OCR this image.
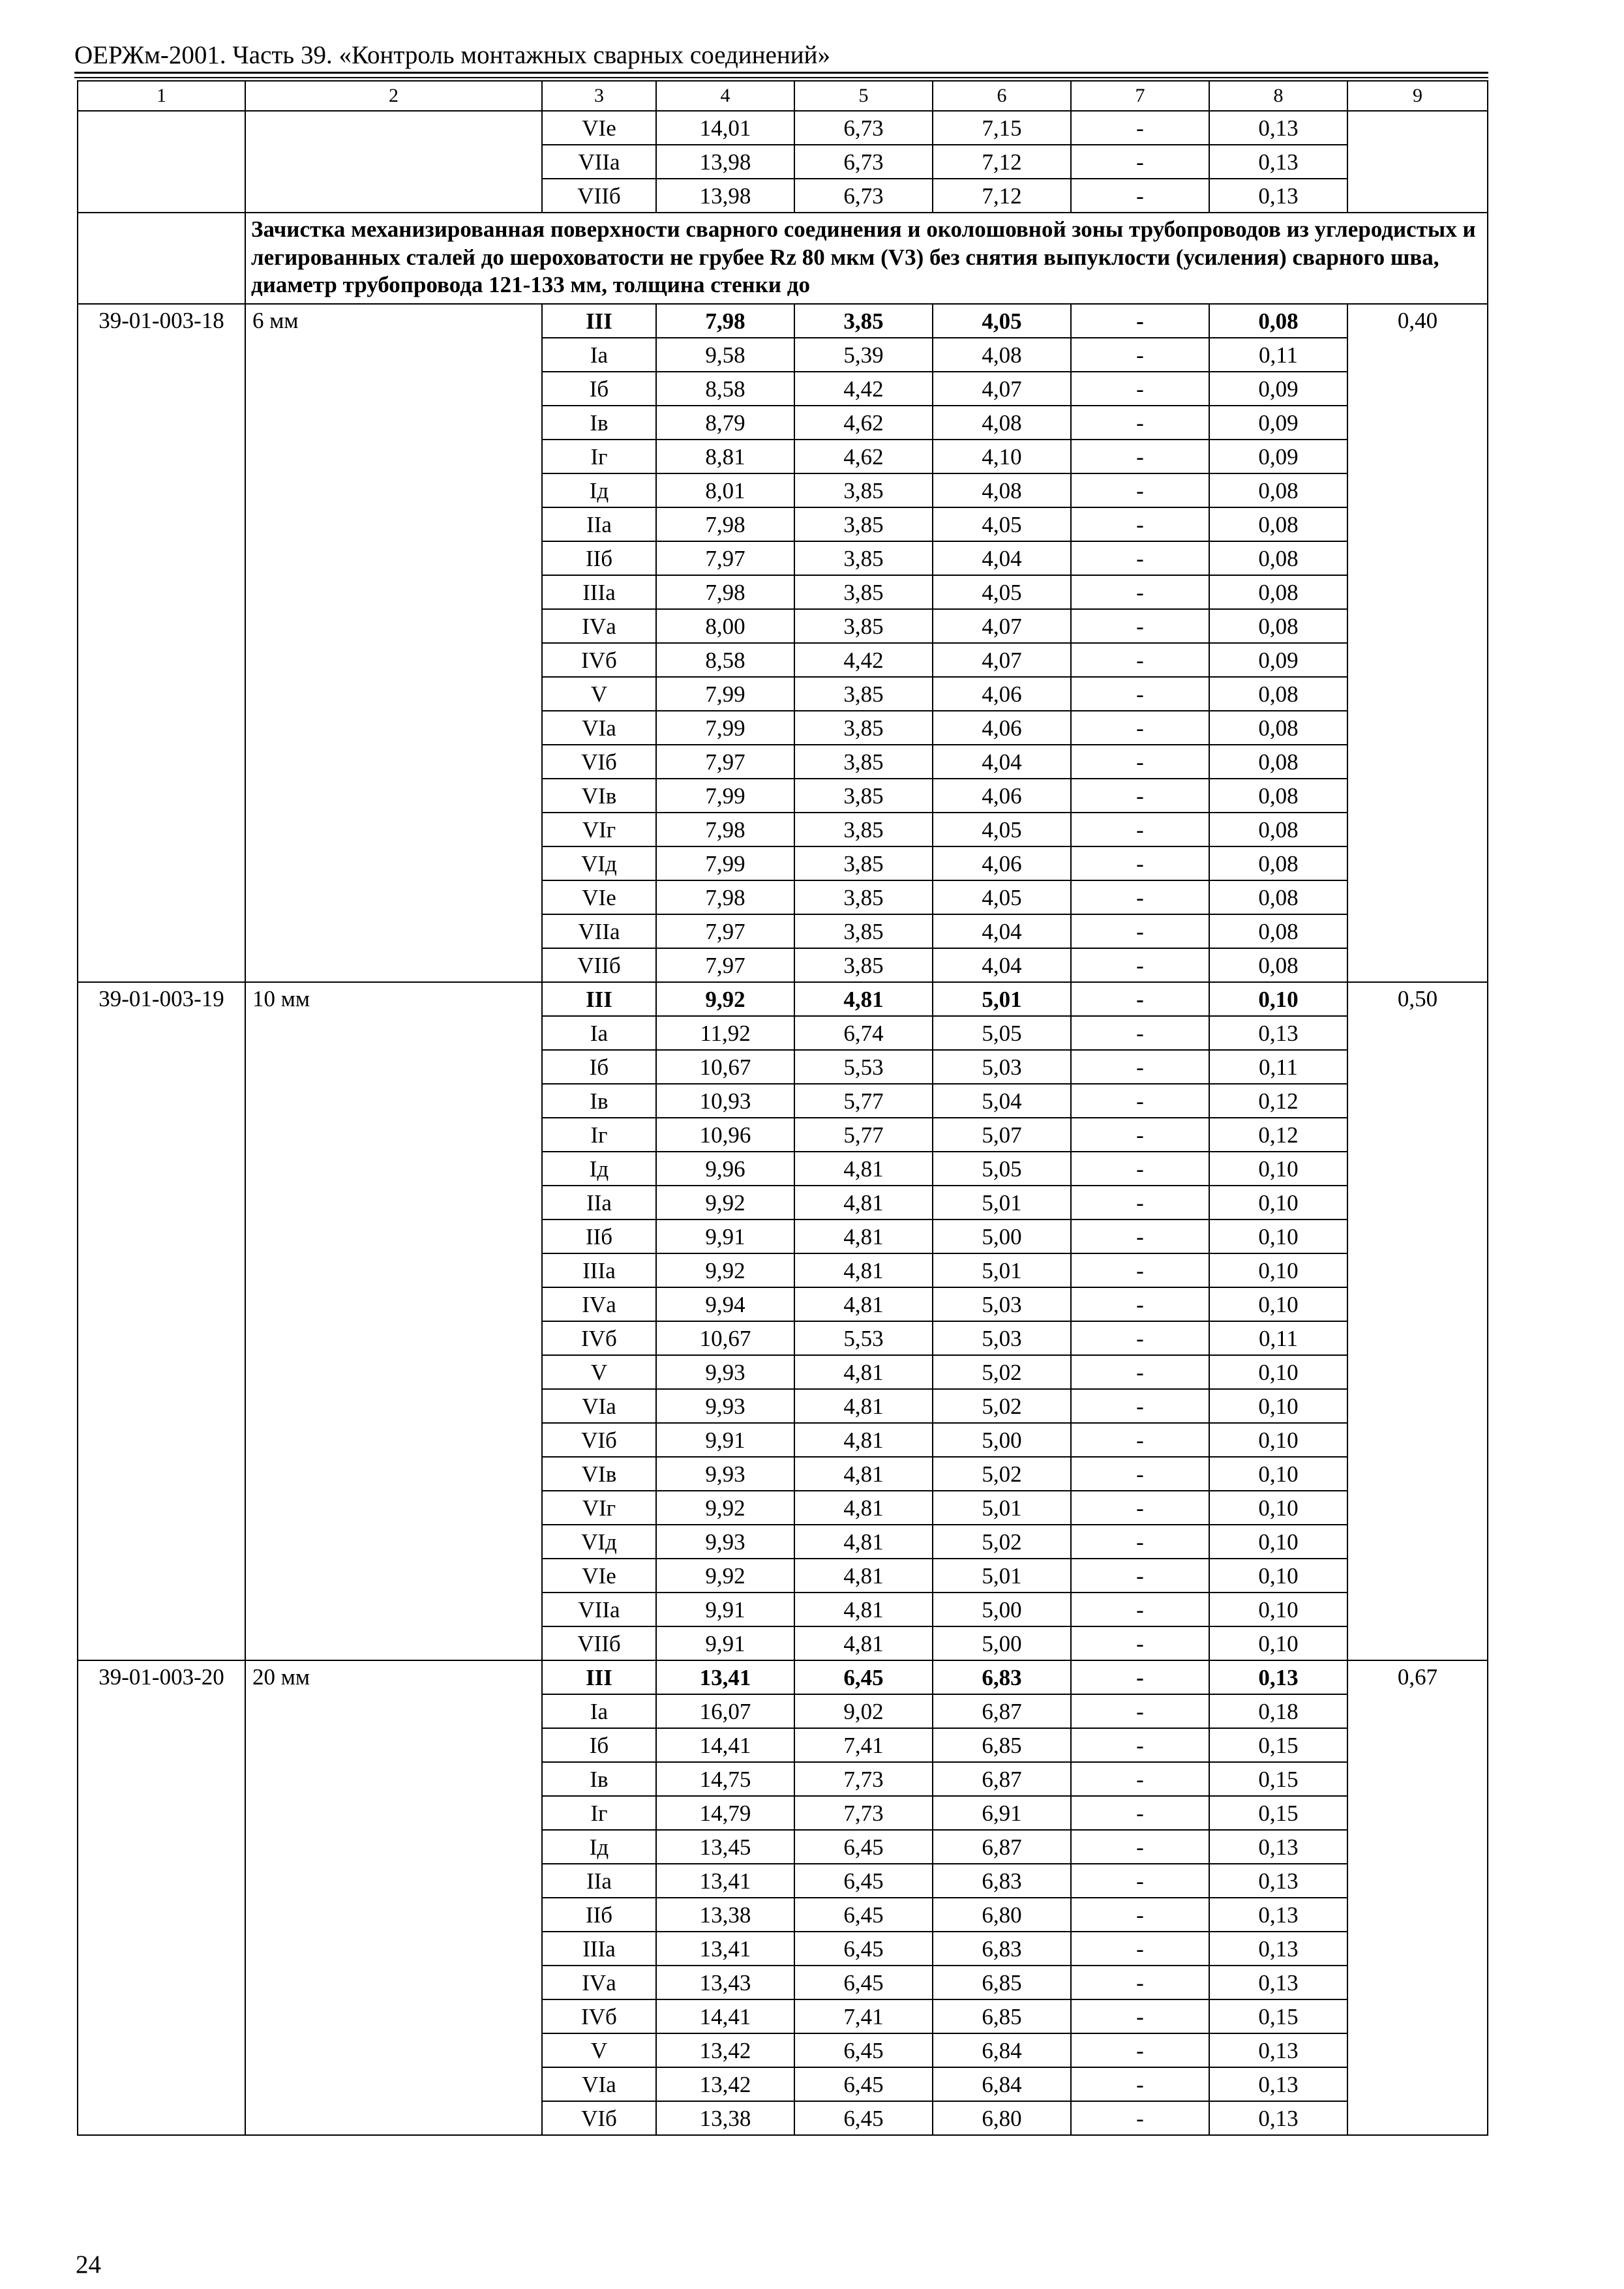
ОЕРЖм-2001. Часть 39. «Контроль монтажных сварных соединений»
1	2	3	4	5	6	7	8	9
		VIе	14,01	6,73	7,15	-	0,13	
		VIIа	13,98	6,73	7,12	-	0,13	
		VIIб	13,98	6,73	7,12	-	0,13	
	Зачистка механизированная поверхности сварного соединения и околошовной зоны трубопроводов из углеродистых и легированных сталей до шероховатости не грубее Rz 80 мкм (V3) без снятия выпуклости (усиления) сварного шва, диаметр трубопровода 121-133 мм, толщина стенки до							
39-01-003-18	6 мм	III	7,98	3,85	4,05	-	0,08	0,40
		Iа	9,58	5,39	4,08	-	0,11	
		Iб	8,58	4,42	4,07	-	0,09	
		Iв	8,79	4,62	4,08	-	0,09	
		Iг	8,81	4,62	4,10	-	0,09	
		Iд	8,01	3,85	4,08	-	0,08	
		IIа	7,98	3,85	4,05	-	0,08	
		IIб	7,97	3,85	4,04	-	0,08	
		IIIа	7,98	3,85	4,05	-	0,08	
		IVа	8,00	3,85	4,07	-	0,08	
		IVб	8,58	4,42	4,07	-	0,09	
		V	7,99	3,85	4,06	-	0,08	
		VIа	7,99	3,85	4,06	-	0,08	
		VIб	7,97	3,85	4,04	-	0,08	
		VIв	7,99	3,85	4,06	-	0,08	
		VIг	7,98	3,85	4,05	-	0,08	
		VIд	7,99	3,85	4,06	-	0,08	
		VIе	7,98	3,85	4,05	-	0,08	
		VIIа	7,97	3,85	4,04	-	0,08	
		VIIб	7,97	3,85	4,04	-	0,08	
39-01-003-19	10 мм	III	9,92	4,81	5,01	-	0,10	0,50
		Iа	11,92	6,74	5,05	-	0,13	
		Iб	10,67	5,53	5,03	-	0,11	
		Iв	10,93	5,77	5,04	-	0,12	
		Iг	10,96	5,77	5,07	-	0,12	
		Iд	9,96	4,81	5,05	-	0,10	
		IIа	9,92	4,81	5,01	-	0,10	
		IIб	9,91	4,81	5,00	-	0,10	
		IIIа	9,92	4,81	5,01	-	0,10	
		IVа	9,94	4,81	5,03	-	0,10	
		IVб	10,67	5,53	5,03	-	0,11	
		V	9,93	4,81	5,02	-	0,10	
		VIа	9,93	4,81	5,02	-	0,10	
		VIб	9,91	4,81	5,00	-	0,10	
		VIв	9,93	4,81	5,02	-	0,10	
		VIг	9,92	4,81	5,01	-	0,10	
		VIд	9,93	4,81	5,02	-	0,10	
		VIе	9,92	4,81	5,01	-	0,10	
		VIIа	9,91	4,81	5,00	-	0,10	
		VIIб	9,91	4,81	5,00	-	0,10	
39-01-003-20	20 мм	III	13,41	6,45	6,83	-	0,13	0,67
		Iа	16,07	9,02	6,87	-	0,18	
		Iб	14,41	7,41	6,85	-	0,15	
		Iв	14,75	7,73	6,87	-	0,15	
		Iг	14,79	7,73	6,91	-	0,15	
		Iд	13,45	6,45	6,87	-	0,13	
		IIа	13,41	6,45	6,83	-	0,13	
		IIб	13,38	6,45	6,80	-	0,13	
		IIIа	13,41	6,45	6,83	-	0,13	
		IVа	13,43	6,45	6,85	-	0,13	
		IVб	14,41	7,41	6,85	-	0,15	
		V	13,42	6,45	6,84	-	0,13	
		VIа	13,42	6,45	6,84	-	0,13	
		VIб	13,38	6,45	6,80	-	0,13	
24
